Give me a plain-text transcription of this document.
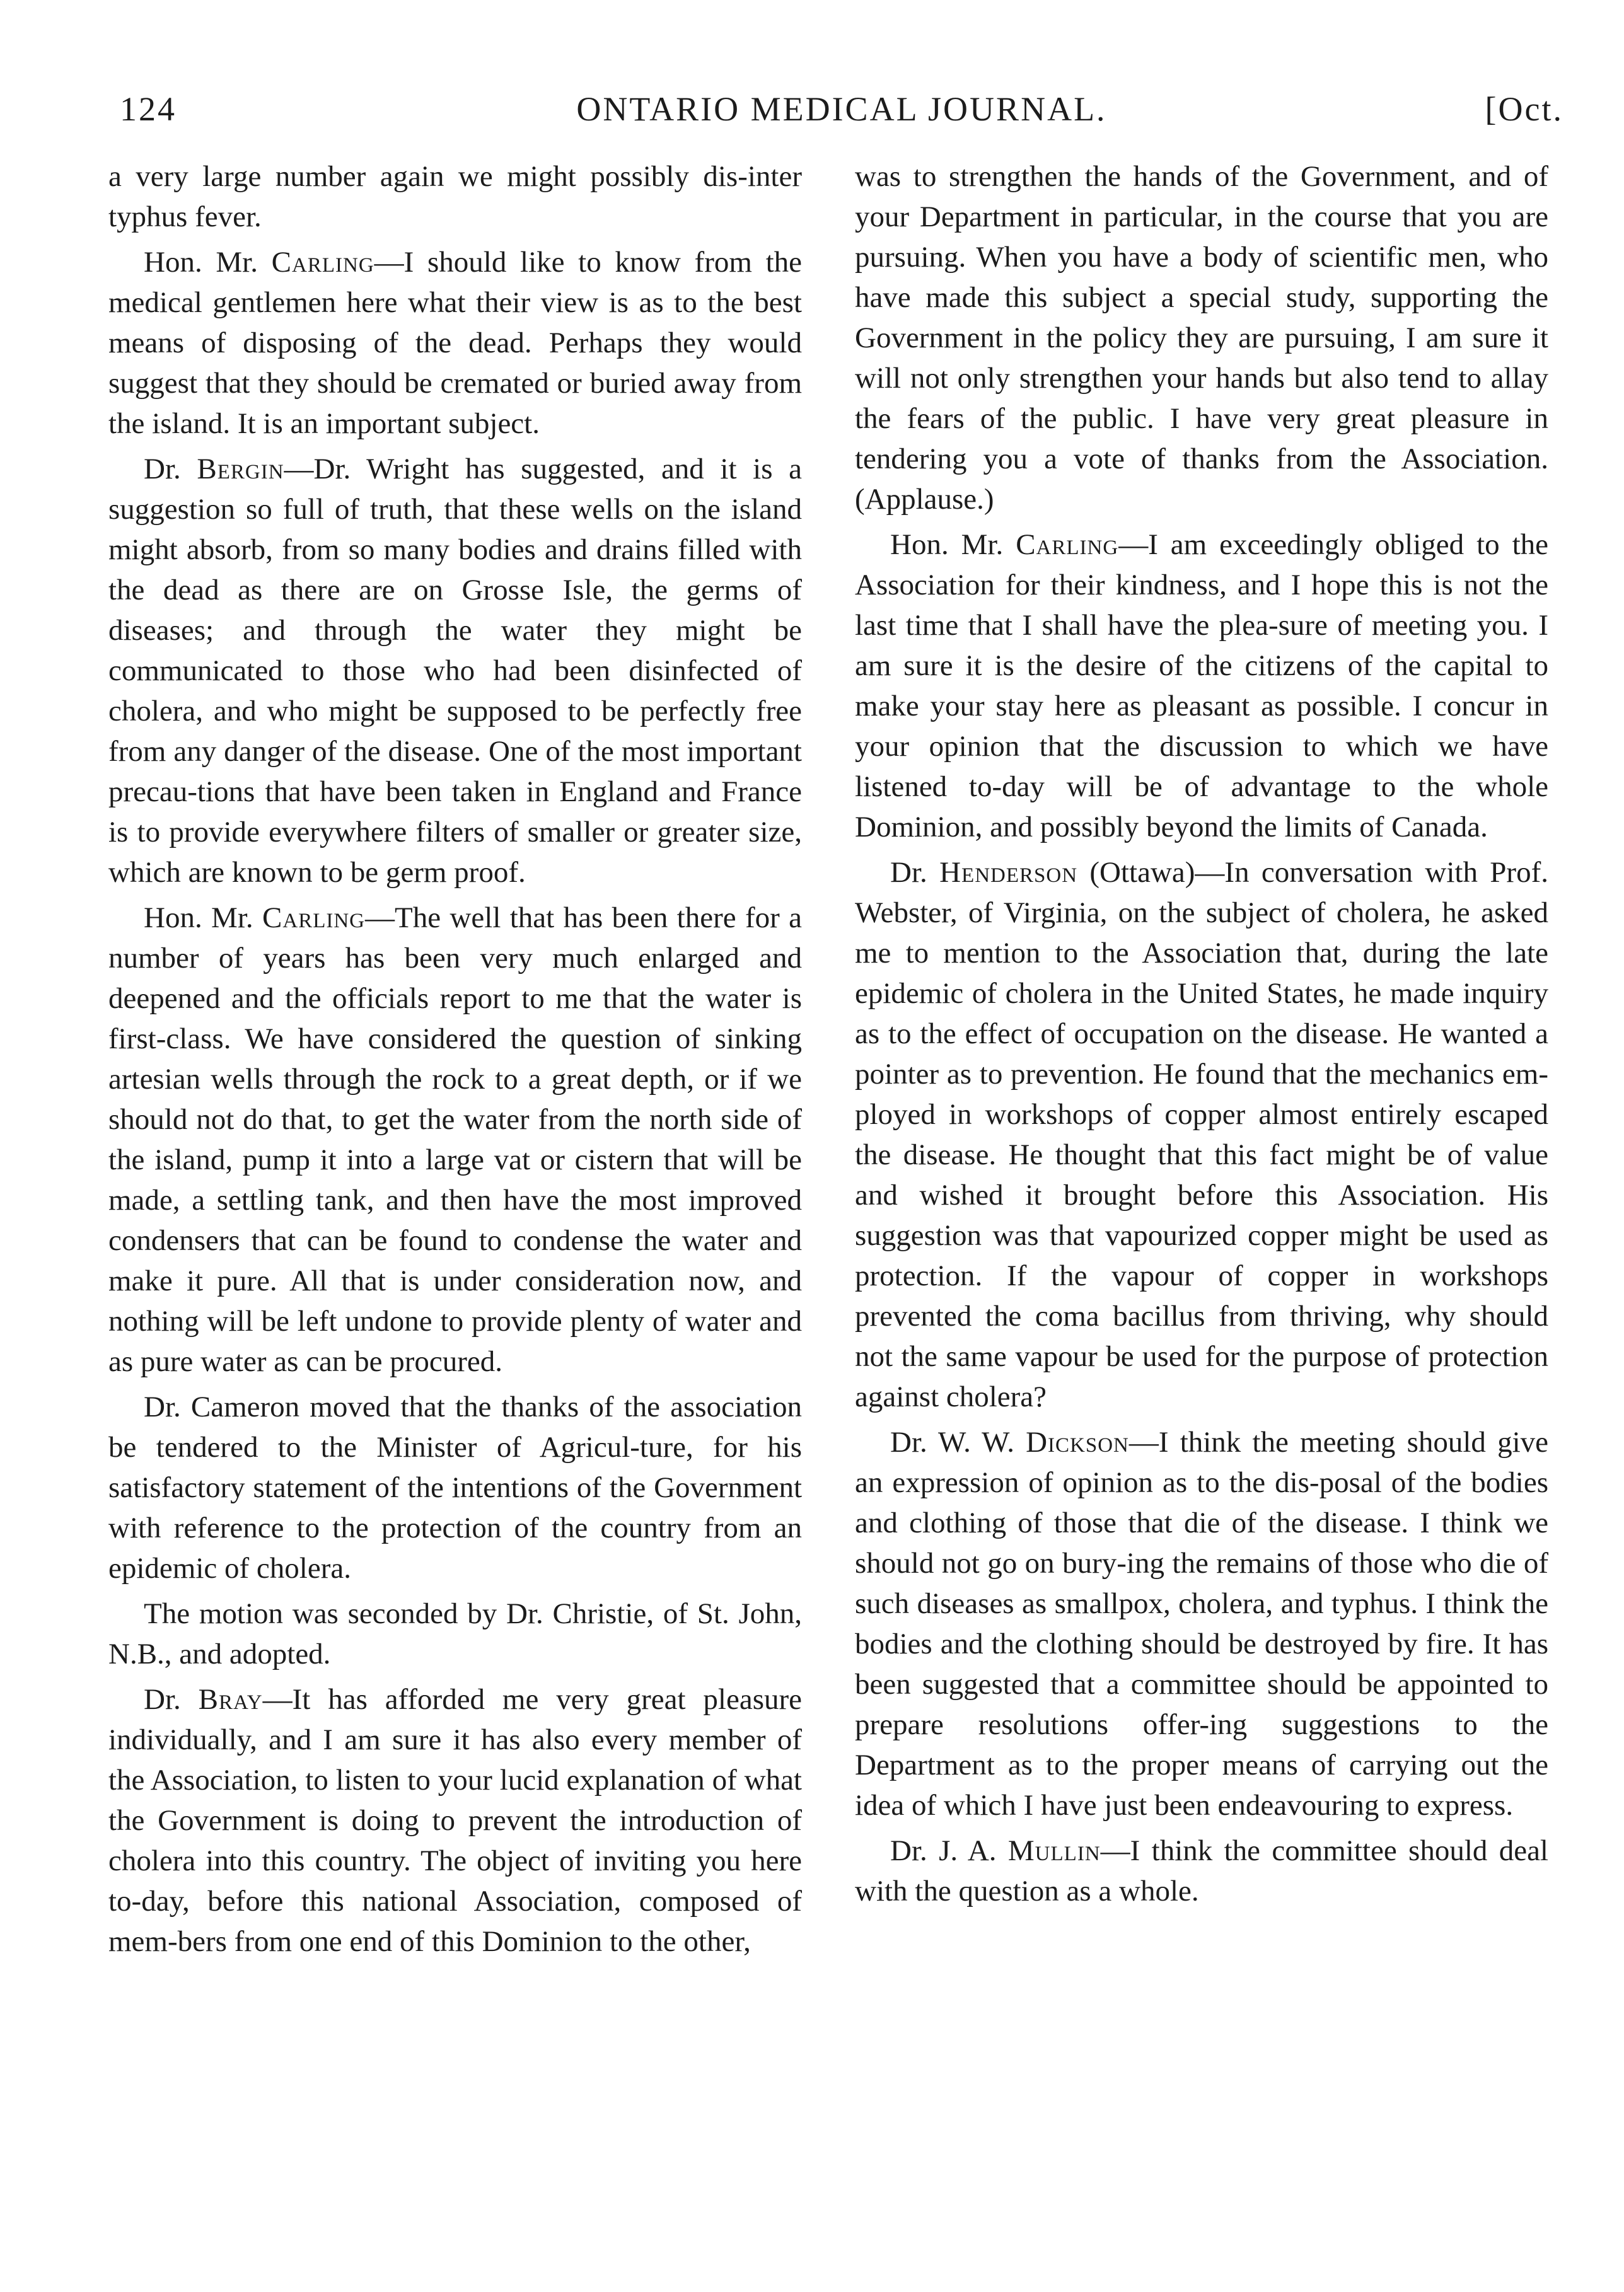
124	ONTARIO MEDICAL JOURNAL.	[Oct.

a very large number again we might possibly dis-inter typhus fever.

Hon. Mr. Carling—I should like to know from the medical gentlemen here what their view is as to the best means of disposing of the dead. Perhaps they would suggest that they should be cremated or buried away from the island. It is an important subject.

Dr. Bergin—Dr. Wright has suggested, and it is a suggestion so full of truth, that these wells on the island might absorb, from so many bodies and drains filled with the dead as there are on Grosse Isle, the germs of diseases; and through the water they might be communicated to those who had been disinfected of cholera, and who might be supposed to be perfectly free from any danger of the disease. One of the most important precau-tions that have been taken in England and France is to provide everywhere filters of smaller or greater size, which are known to be germ proof.

Hon. Mr. Carling—The well that has been there for a number of years has been very much enlarged and deepened and the officials report to me that the water is first-class. We have considered the question of sinking artesian wells through the rock to a great depth, or if we should not do that, to get the water from the north side of the island, pump it into a large vat or cistern that will be made, a settling tank, and then have the most improved condensers that can be found to condense the water and make it pure. All that is under consideration now, and nothing will be left undone to provide plenty of water and as pure water as can be procured.

Dr. Cameron moved that the thanks of the association be tendered to the Minister of Agricul-ture, for his satisfactory statement of the intentions of the Government with reference to the protection of the country from an epidemic of cholera.

The motion was seconded by Dr. Christie, of St. John, N.B., and adopted.

Dr. Bray—It has afforded me very great pleasure individually, and I am sure it has also every member of the Association, to listen to your lucid explanation of what the Government is doing to prevent the introduction of cholera into this country. The object of inviting you here to-day, before this national Association, composed of mem-bers from one end of this Dominion to the other,

was to strengthen the hands of the Government, and of your Department in particular, in the course that you are pursuing. When you have a body of scientific men, who have made this subject a special study, supporting the Government in the policy they are pursuing, I am sure it will not only strengthen your hands but also tend to allay the fears of the public. I have very great pleasure in tendering you a vote of thanks from the Association. (Applause.)

Hon. Mr. Carling—I am exceedingly obliged to the Association for their kindness, and I hope this is not the last time that I shall have the plea-sure of meeting you. I am sure it is the desire of the citizens of the capital to make your stay here as pleasant as possible. I concur in your opinion that the discussion to which we have listened to-day will be of advantage to the whole Dominion, and possibly beyond the limits of Canada.

Dr. Henderson (Ottawa)—In conversation with Prof. Webster, of Virginia, on the subject of cholera, he asked me to mention to the Association that, during the late epidemic of cholera in the United States, he made inquiry as to the effect of occupation on the disease. He wanted a pointer as to prevention. He found that the mechanics em-ployed in workshops of copper almost entirely escaped the disease. He thought that this fact might be of value and wished it brought before this Association. His suggestion was that vapourized copper might be used as protection. If the vapour of copper in workshops prevented the coma bacillus from thriving, why should not the same vapour be used for the purpose of protection against cholera?

Dr. W. W. Dickson—I think the meeting should give an expression of opinion as to the dis-posal of the bodies and clothing of those that die of the disease. I think we should not go on bury-ing the remains of those who die of such diseases as smallpox, cholera, and typhus. I think the bodies and the clothing should be destroyed by fire. It has been suggested that a committee should be appointed to prepare resolutions offer-ing suggestions to the Department as to the proper means of carrying out the idea of which I have just been endeavouring to express.

Dr. J. A. Mullin—I think the committee should deal with the question as a whole.
